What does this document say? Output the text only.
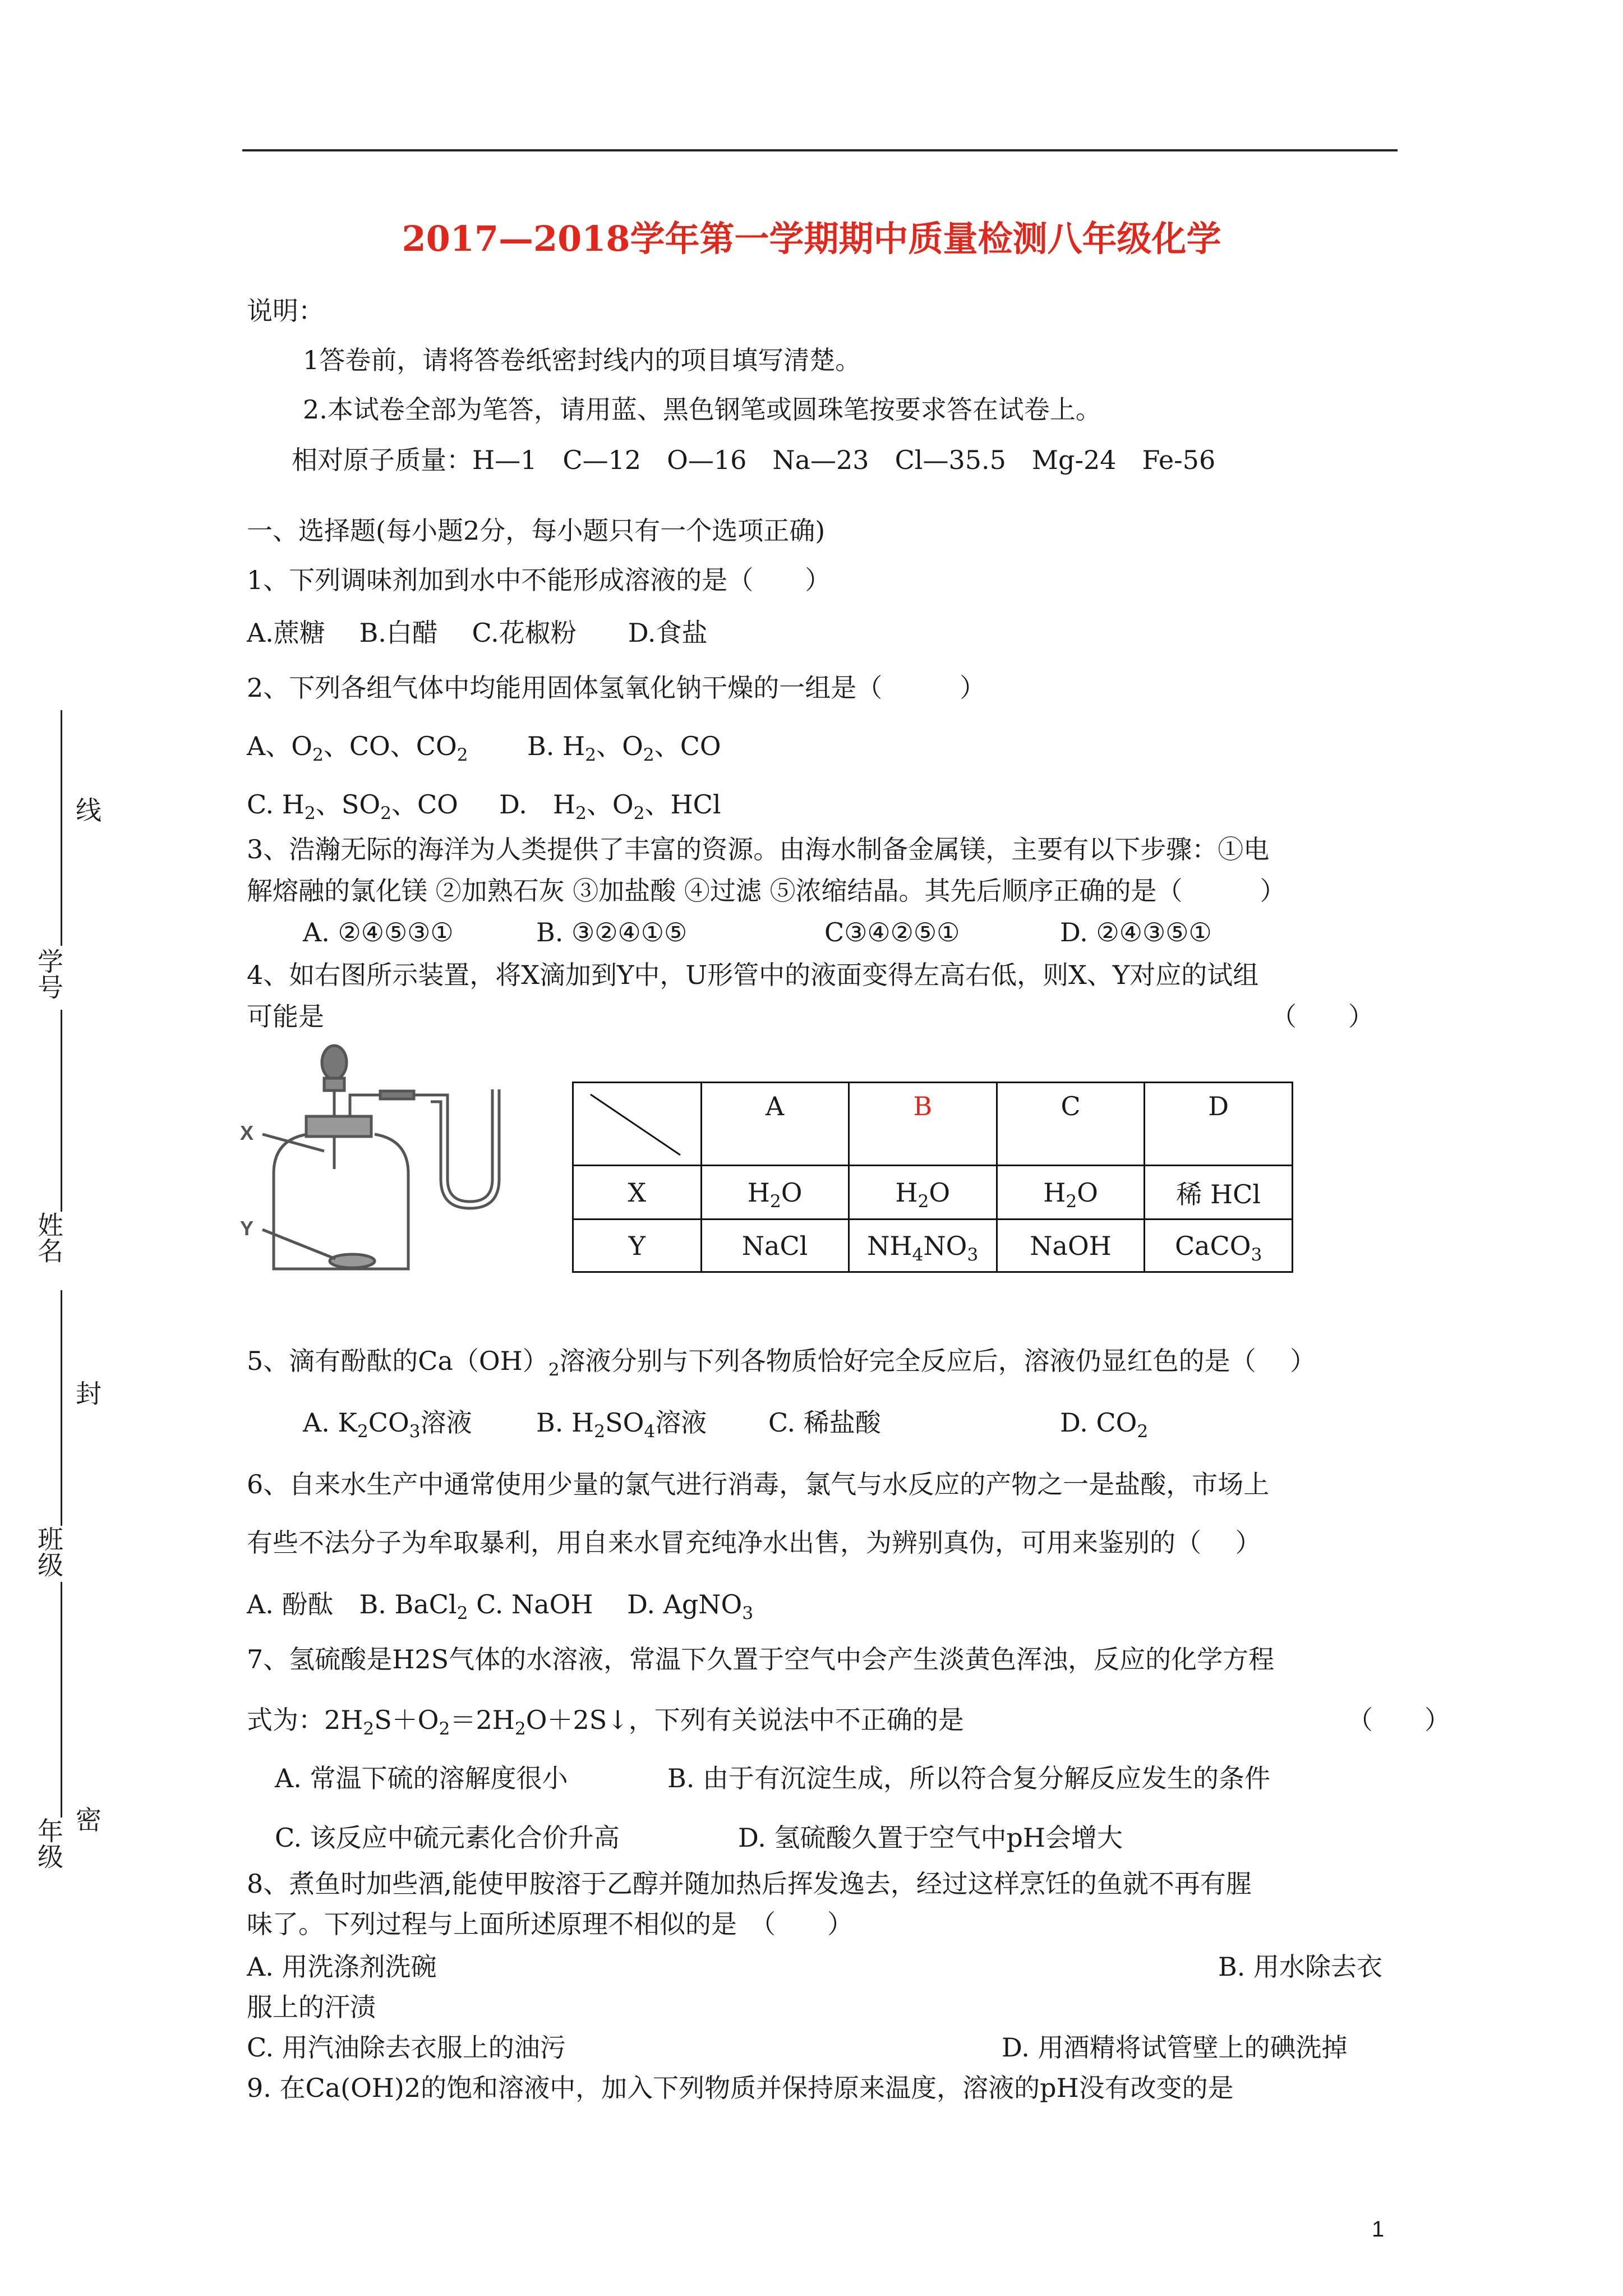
2017—2018学年第一学期期中质量检测八年级化学
说明：
1答卷前，请将答卷纸密封线内的项目填写清楚。
2.本试卷全部为笔答，请用蓝、黑色钢笔或圆珠笔按要求答在试卷上。
相对原子质量：H—1　C—12　O—16　Na—23　Cl—35.5　Mg-24　Fe-56
一、选择题(每小题2分，每小题只有一个选项正确)
1、下列调味剂加到水中不能形成溶液的是（　　）
A.蔗糖　 B.白醋　 C.花椒粉　　D.食盐
2、下列各组气体中均能用固体氢氧化钠干燥的一组是（　　　）
A、$O_2$、CO、$CO_2$ B. $H_2$、$O_2$、CO
C. $H_2$、$SO_2$、CO D.　$H_2$、$O_2$、HCl
3、浩瀚无际的海洋为人类提供了丰富的资源。由海水制备金属镁，主要有以下步骤：①电
解熔融的氯化镁 ②加熟石灰 ③加盐酸 ④过滤 ⑤浓缩结晶。其先后顺序正确的是（　　　）
A. ②④⑤③①	B. ③②④①⑤	C③④②⑤①	D. ②④③⑤①
4、如右图所示装置，将X滴加到Y中，U形管中的液面变得左高右低，则X、Y对应的试组
可能是	（　　）
X
Y
	A	B	C	D
X	$H_2O$	$H_2O$	$H_2O$	稀 HCl
Y	NaCl	$NH_4NO_3$	NaOH	CaCO$_3$
5、滴有酚酞的$Ca(OH)_2$溶液分别与下列各物质恰好完全反应后，溶液仍显红色的是（　 ）
A. $K_2CO_3$溶液 B. $H_2SO_4$溶液 C. 稀盐酸	D. $CO_2$
6、自来水生产中通常使用少量的氯气进行消毒，氯气与水反应的产物之一是盐酸，市场上
有些不法分子为牟取暴利，用自来水冒充纯净水出售，为辨别真伪，可用来鉴别的（　 ）
A. 酚酞　B. BaCl$_2$ C. NaOH　 D. AgNO$_3$
7、氢硫酸是H2S气体的水溶液，常温下久置于空气中会产生淡黄色浑浊，反应的化学方程
式为：$2H_2S+O_2=2H_2O+2S↓$，下列有关说法中不正确的是	（　　）
A. 常温下硫的溶解度很小	B. 由于有沉淀生成，所以符合复分解反应发生的条件
C. 该反应中硫元素化合价升高	D. 氢硫酸久置于空气中pH会增大
8、煮鱼时加些酒,能使甲胺溶于乙醇并随加热后挥发逸去，经过这样烹饪的鱼就不再有腥
味了。下列过程与上面所述原理不相似的是　（　　）
A. 用洗涤剂洗碗	B. 用水除去衣
服上的汗渍
C. 用汽油除去衣服上的油污	D. 用酒精将试管壁上的碘洗掉
9. 在Ca(OH)2的饱和溶液中，加入下列物质并保持原来温度，溶液的pH没有改变的是
线
学号
姓名
封
班级
年级 密
1
